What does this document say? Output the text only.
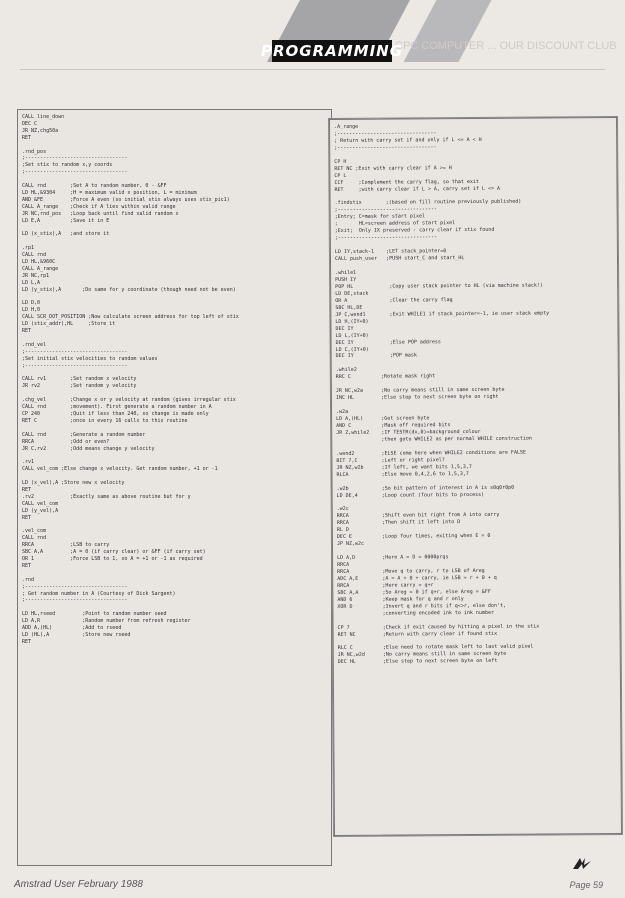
CPC COMPUTER ... OUR DISCOUNT CLUB
PROGRAMMING
CALL line_down
DEC C
JR NZ,chg50a
RET

.rnd_pos
;----------------------------------
;Set stix to random x,y coords
;----------------------------------

CALL rnd        ;Set A to random number, 0 - &FF
LD HL,&9304     ;H = maximum valid x position, L = minimum
AND &FE         ;Force A even (so initial stix always uses stix_pic1)
CALL A_range    ;Check if A lies within valid range
JR NC,rnd_pos   ;Loop back until find valid random x
LD E,A          ;Save it in E

LD (x_stix),A   ;and store it

.rp1
CALL rnd
LD HL,&960C
CALL A_range
JR NC,rp1
LD L,A
LD (y_stix),A       ;Do same for y coordinate (though need not be even)

LD D,0
LD H,0
CALL SCR_DOT_POSITION ;Now calculate screen address for top left of stix
LD (stix_addr),HL     ;Store it
RET

.rnd_vel
;----------------------------------
;Set initial stix velocities to random values
;----------------------------------

CALL rv1        ;Set random x velocity
JR rv2          ;Set random y velocity

.chg_vel        ;Change x or y velocity at random (gives irregular stix
CALL rnd        ;movement). First generate a random number in A
CP 240          ;Quit if less than 240, so change is made only
RET C           ;once in every 16 calls to this routine

CALL rnd        ;Generate a random number
RRCA            ;Odd or even?
JR C,rv2        ;Odd means change y velocity

.rv1
CALL vel_com ;Else change x velocity. Get random number, +1 or -1

LD (x_vel),A ;Store new x velocity
RET
.rv2            ;Exactly same as above routine but for y
CALL vel_com
LD (y_vel),A
RET

.vel_com
CALL rnd
RRCA            ;LSB to carry
SBC A,A         ;A = 0 (if carry clear) or &FF (if carry set)
OR 1            ;Force LSB to 1, so A = +1 or -1 as required
RET

.rnd
;----------------------------------
; Get random number in A (Courtesy of Dick Sargent)
;----------------------------------

LD HL,rseed         ;Point to random number seed
LD A,R              ;Random number from refresh register
ADD A,(HL)          ;Add to rseed
LD (HL),A           ;Store new rseed
RET
.A_range
;---------------------------------
; Return with carry set if and only if L <= A < H
;---------------------------------

CP H
RET NC ;Exit with carry clear if A >= H
CP L
CCF     ;Complement the carry flag, so that exit
RET     ;with carry clear if L > A, carry set if L <= A

.findstix        ;(based on fill routine previously published)
;---------------------------------
;Entry; C=mask for start pixel
;       HL=screen address of start pixel
;Exit;  Only IX preserved - carry clear if stix found
;---------------------------------

LD IY,stack-1    ;LET stack_pointer=0
CALL push_user   ;PUSH start_C and start_HL

.while1
PUSH IY
POP HL            ;Copy user stack pointer to HL (via machine stack!)
LD DE,stack
OR A              ;Clear the carry flag
SBC HL,DE
JP C,wend1        ;Exit WHILE1 if stack_pointer=-1, ie user stack empty
LD H,(IY+0)
DEC IY
LD L,(IY+0)
DEC IY            ;Else POP address
LD C,(IY+0)
DEC IY            ;POP mask

.while2
RRC C          ;Rotate mask right

JR NC,w2a      ;No carry means still in same screen byte
INC HL         ;Else step to next screen byte on right

.w2a
LD A,(HL)      ;Get screen byte
AND C          ;Mask off required bits
JR Z,while2    ;IF TESTR(dx,0)=background_colour
;then goto WHILE2 as per normal WHILE construction

.wend2         ;ELSE come here when WHILE2 conditions are FALSE
BIT 7,C        ;Left or right pixel?
JR NZ,w2b      ;If left, we want bits 1,5,3,7
RLCA           ;Else move 0,4,2,6 to 1,5,3,7

.w2b           ;So bit pattern of interest in A is s0q0r0p0
LD DE,4        ;Loop count (four bits to process)

.w2c
RRCA           ;Shift even bit right from A into carry
RRCA           ;Then shift it left into D
RL D
DEC E          ;Loop four times, exiting when E = 0
JP NZ,w2c

LD A,D         ;Here A = D = 0000prqs
RRCA
RRCA           ;Move q to carry, r to LSB of Areg
ADC A,E        ;A = A + 0 + carry, ie LSB = r + 0 + q
RRCA           ;Here carry = q+r
SBC A,A        ;So Areg = 0 if q+r, else Areg = &FF
AND 6          ;Keep mask for q and r only
XOR D          ;Invert q and r bits if q<>r, else don't,
;converting encoded ink to ink number

CP 7           ;Check if exit caused by hitting a pixel in the stix
RET NC         ;Return with carry clear if found stix

RLC C          ;Else need to rotate mask left to last valid pixel
JR NC,w2d      ;No carry means still in same screen byte
DEC HL         ;Else step to next screen byte on left
Amstrad User February 1988	Page 59
